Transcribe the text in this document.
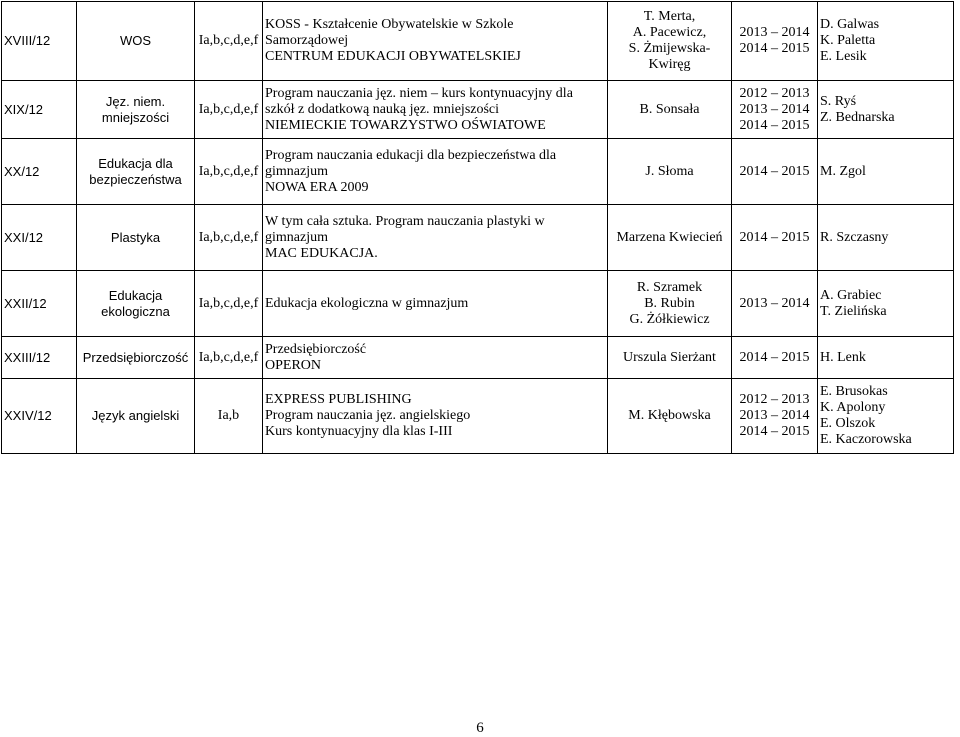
XVIII/12	WOS	Ia,b,c,d,e,f	KOSS - Kształcenie Obywatelskie w Szkole
Samorządowej
CENTRUM EDUKACJI OBYWATELSKIEJ	T. Merta,
A. Pacewicz,
S. Żmijewska-
Kwiręg	2013 – 2014
2014 – 2015	D. Galwas
K. Paletta
E. Lesik

XIX/12	Jęz. niem.
mniejszości	Ia,b,c,d,e,f	Program nauczania jęz. niem – kurs kontynuacyjny dla
szkół z dodatkową nauką jęz. mniejszości
NIEMIECKIE TOWARZYSTWO OŚWIATOWE	B. Sonsała	2012 – 2013
2013 – 2014
2014 – 2015	S. Ryś
Z. Bednarska

XX/12	Edukacja dla
bezpieczeństwa	Ia,b,c,d,e,f	Program nauczania edukacji dla bezpieczeństwa dla
gimnazjum
NOWA ERA 2009	J. Słoma	2014 – 2015	M. Zgol

XXI/12	Plastyka	Ia,b,c,d,e,f	W tym cała sztuka. Program nauczania plastyki w
gimnazjum
MAC EDUKACJA.	Marzena Kwiecień	2014 – 2015	R. Szczasny

XXII/12	Edukacja
ekologiczna	Ia,b,c,d,e,f	Edukacja ekologiczna w gimnazjum	R. Szramek
B. Rubin
G. Żółkiewicz	2013 – 2014	A. Grabiec
T. Zielińska

XXIII/12	Przedsiębiorczość	Ia,b,c,d,e,f	Przedsiębiorczość
OPERON	Urszula Sierżant	2014 – 2015	H. Lenk

XXIV/12	Język angielski	Ia,b	EXPRESS PUBLISHING
Program nauczania jęz. angielskiego
Kurs kontynuacyjny dla klas I-III	M. Kłębowska	2012 – 2013
2013 – 2014
2014 – 2015	E. Brusokas
K. Apolony
E. Olszok
E. Kaczorowska
6
